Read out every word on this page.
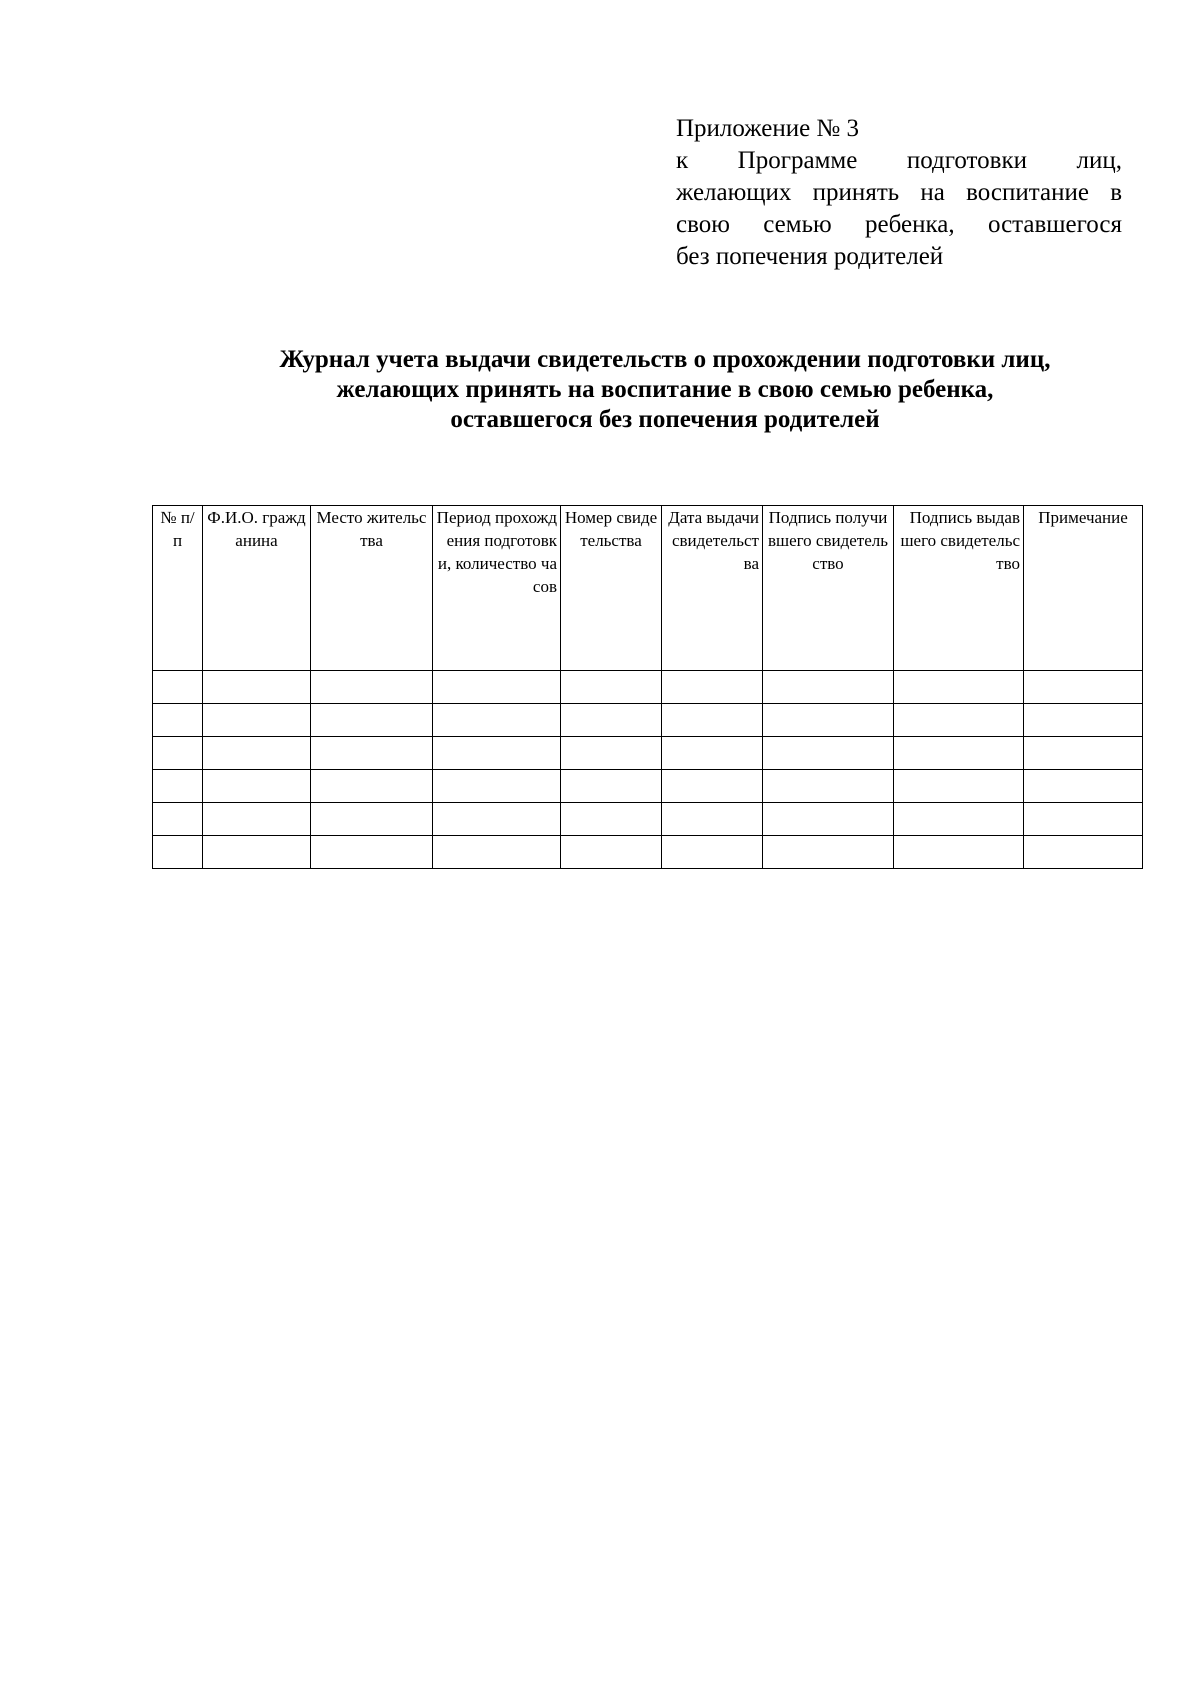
Приложение № 3
к Программе подготовки лиц,
желающих принять на воспитание в
свою семью ребенка, оставшегося
без попечения родителей
Журнал учета выдачи свидетельств о прохождении подготовки лиц,
желающих принять на воспитание в свою семью ребенка,
оставшегося без попечения родителей
№ п/п	Ф.И.О. гражданина	Место жительства	Период прохождения подготовки, количество часов	Номер свидетельства	Дата выдачи свидетельства	Подпись получившего свидетельство	Подпись выдавшего свидетельство	Примечание
